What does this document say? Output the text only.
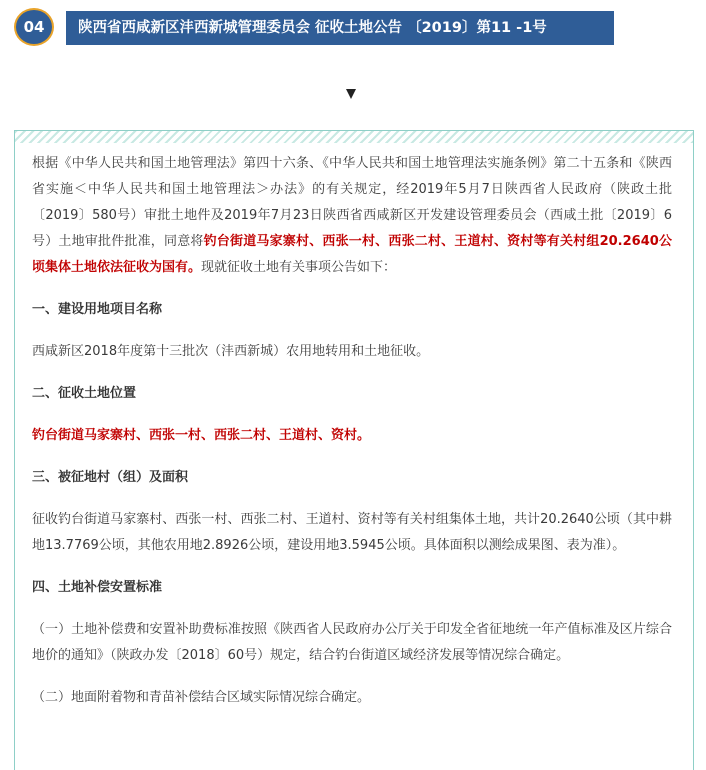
04	陕西省西咸新区沣西新城管理委员会 征收土地公告 〔2019〕第11 -1号

根据《中华人民共和国土地管理法》第四十六条、《中华人民共和国土地管理法实施条例》第二十五条和《陕西省实施＜中华人民共和国土地管理法＞办法》的有关规定，经2019年5月7日陕西省人民政府（陕政土批〔2019〕580号）审批土地件及2019年7月23日陕西省西咸新区开发建设管理委员会（西咸土批〔2019〕6号）土地审批件批准，同意将钓台街道马家寨村、西张一村、西张二村、王道村、资村等有关村组20.2640公顷集体土地依法征收为国有。现就征收土地有关事项公告如下：

一、建设用地项目名称

西咸新区2018年度第十三批次（沣西新城）农用地转用和土地征收。

二、征收土地位置

钓台街道马家寨村、西张一村、西张二村、王道村、资村。

三、被征地村（组）及面积

征收钓台街道马家寨村、西张一村、西张二村、王道村、资村等有关村组集体土地，共计20.2640公顷（其中耕地13.7769公顷，其他农用地2.8926公顷，建设用地3.5945公顷。具体面积以测绘成果图、表为准）。

四、土地补偿安置标准

（一）土地补偿费和安置补助费标准按照《陕西省人民政府办公厅关于印发全省征地统一年产值标准及区片综合地价的通知》（陕政办发〔2018〕60号）规定，结合钓台街道区域经济发展等情况综合确定。

（二）地面附着物和青苗补偿结合区域实际情况综合确定。
